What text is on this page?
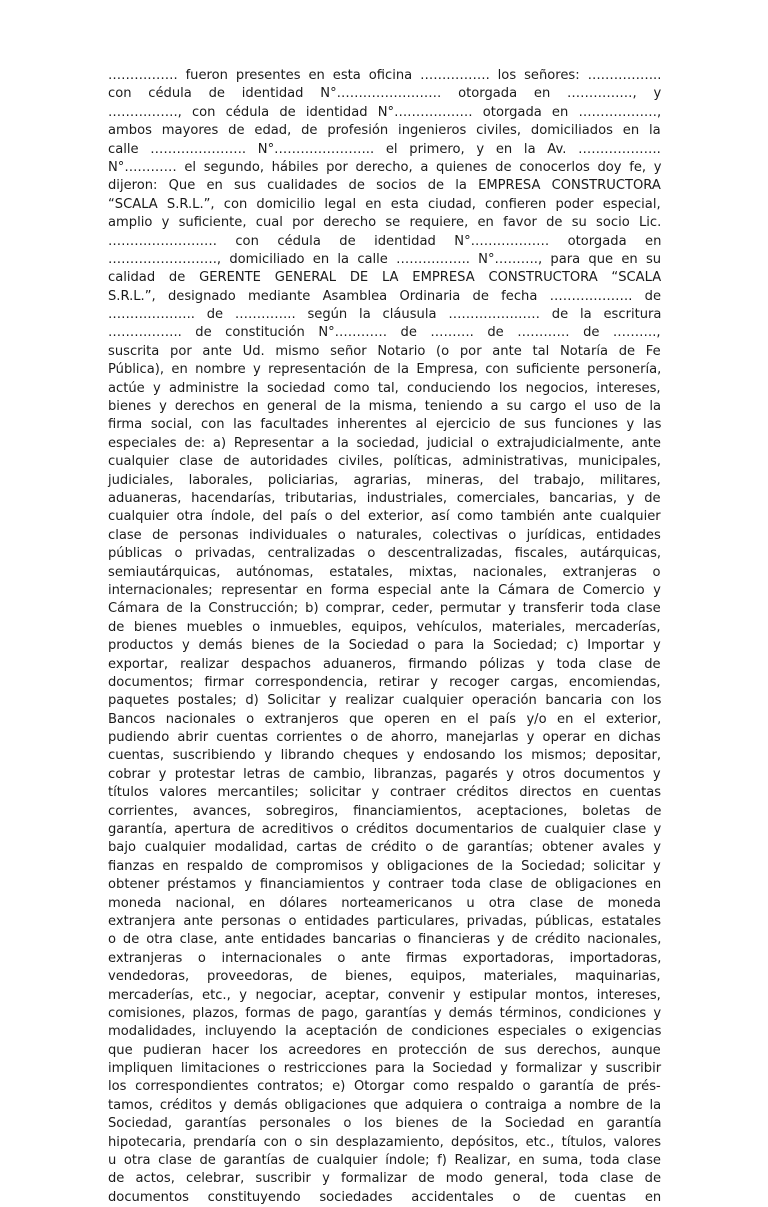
……………. fueron presentes en esta oficina ……………. los señores: ……………..
con cédula de identidad N°…………………… otorgada en ……………, y
……………., con cédula de identidad N°……………… otorgada en ………………,
ambos mayores de edad, de profesión ingenieros civiles, domiciliados en la
calle …………………. N°………………….. el primero, y en la Av. ……………….
N°………… el segundo, hábiles por derecho, a quienes de conocerlos doy fe, y
dijeron: Que en sus cualidades de socios de la EMPRESA CONSTRUCTORA
“SCALA S.R.L.”, con domicilio legal en esta ciudad, confieren poder especial,
amplio y suficiente, cual por derecho se requiere, en favor de su socio Lic.
……………………. con cédula de identidad N°……………… otorgada en
……………………., domiciliado en la calle …………….. N°………., para que en su
calidad de GERENTE GENERAL DE LA EMPRESA CONSTRUCTORA “SCALA
S.R.L.”, designado mediante Asamblea Ordinaria de fecha ………………. de
……………….. de ………….. según la cláusula ………………… de la escritura
…………….. de constitución N°………… de ………. de ………… de ……….,
suscrita por ante Ud. mismo señor Notario (o por ante tal Notaría de Fe
Pública), en nombre y representación de la Empresa, con suficiente personería,
actúe y administre la sociedad como tal, conduciendo los negocios, intereses,
bienes y derechos en general de la misma, teniendo a su cargo el uso de la
firma social, con las facultades inherentes al ejercicio de sus funciones y las
especiales de: a) Representar a la sociedad, judicial o extrajudicialmente, ante
cualquier clase de autoridades civiles, políticas, administrativas, municipales,
judiciales, laborales, policiarias, agrarias, mineras, del trabajo, militares,
aduaneras, hacendarías, tributarias, industriales, comerciales, bancarias, y de
cualquier otra índole, del país o del exterior, así como también ante cualquier
clase de personas individuales o naturales, colectivas o jurídicas, entidades
públicas o privadas, centralizadas o descentralizadas, fiscales, autárquicas,
semiautárquicas, autónomas, estatales, mixtas, nacionales, extranjeras o
internacionales; representar en forma especial ante la Cámara de Comercio y
Cámara de la Construcción; b) comprar, ceder, permutar y transferir toda clase
de bienes muebles o inmuebles, equipos, vehículos, materiales, mercaderías,
productos y demás bienes de la Sociedad o para la Sociedad; c) Importar y
exportar, realizar despachos aduaneros, firmando pólizas y toda clase de
documentos; firmar correspondencia, retirar y recoger cargas, encomiendas,
paquetes postales; d) Solicitar y realizar cualquier operación bancaria con los
Bancos nacionales o extranjeros que operen en el país y/o en el exterior,
pudiendo abrir cuentas corrientes o de ahorro, manejarlas y operar en dichas
cuentas, suscribiendo y librando cheques y endosando los mismos; depositar,
cobrar y protestar letras de cambio, libranzas, pagarés y otros documentos y
títulos valores mercantiles; solicitar y contraer créditos directos en cuentas
corrientes, avances, sobregiros, financiamientos, aceptaciones, boletas de
garantía, apertura de acreditivos o créditos documentarios de cualquier clase y
bajo cualquier modalidad, cartas de crédito o de garantías; obtener avales y
fianzas en respaldo de compromisos y obligaciones de la Sociedad; solicitar y
obtener préstamos y financiamientos y contraer toda clase de obligaciones en
moneda nacional, en dólares norteamericanos u otra clase de moneda
extranjera ante personas o entidades particulares, privadas, públicas, estatales
o de otra clase, ante entidades bancarias o financieras y de crédito nacionales,
extranjeras o internacionales o ante firmas exportadoras, importadoras,
vendedoras, proveedoras, de bienes, equipos, materiales, maquinarias,
mercaderías, etc., y negociar, aceptar, convenir y estipular montos, intereses,
comisiones, plazos, formas de pago, garantías y demás términos, condiciones y
modalidades, incluyendo la aceptación de condiciones especiales o exigencias
que pudieran hacer los acreedores en protección de sus derechos, aunque
impliquen limitaciones o restricciones para la Sociedad y formalizar y suscribir
los correspondientes contratos; e) Otorgar como respaldo o garantía de prés-
tamos, créditos y demás obligaciones que adquiera o contraiga a nombre de la
Sociedad, garantías personales o los bienes de la Sociedad en garantía
hipotecaria, prendaría con o sin desplazamiento, depósitos, etc., títulos, valores
u otra clase de garantías de cualquier índole; f) Realizar, en suma, toda clase
de actos, celebrar, suscribir y formalizar de modo general, toda clase de
documentos constituyendo sociedades accidentales o de cuentas en
